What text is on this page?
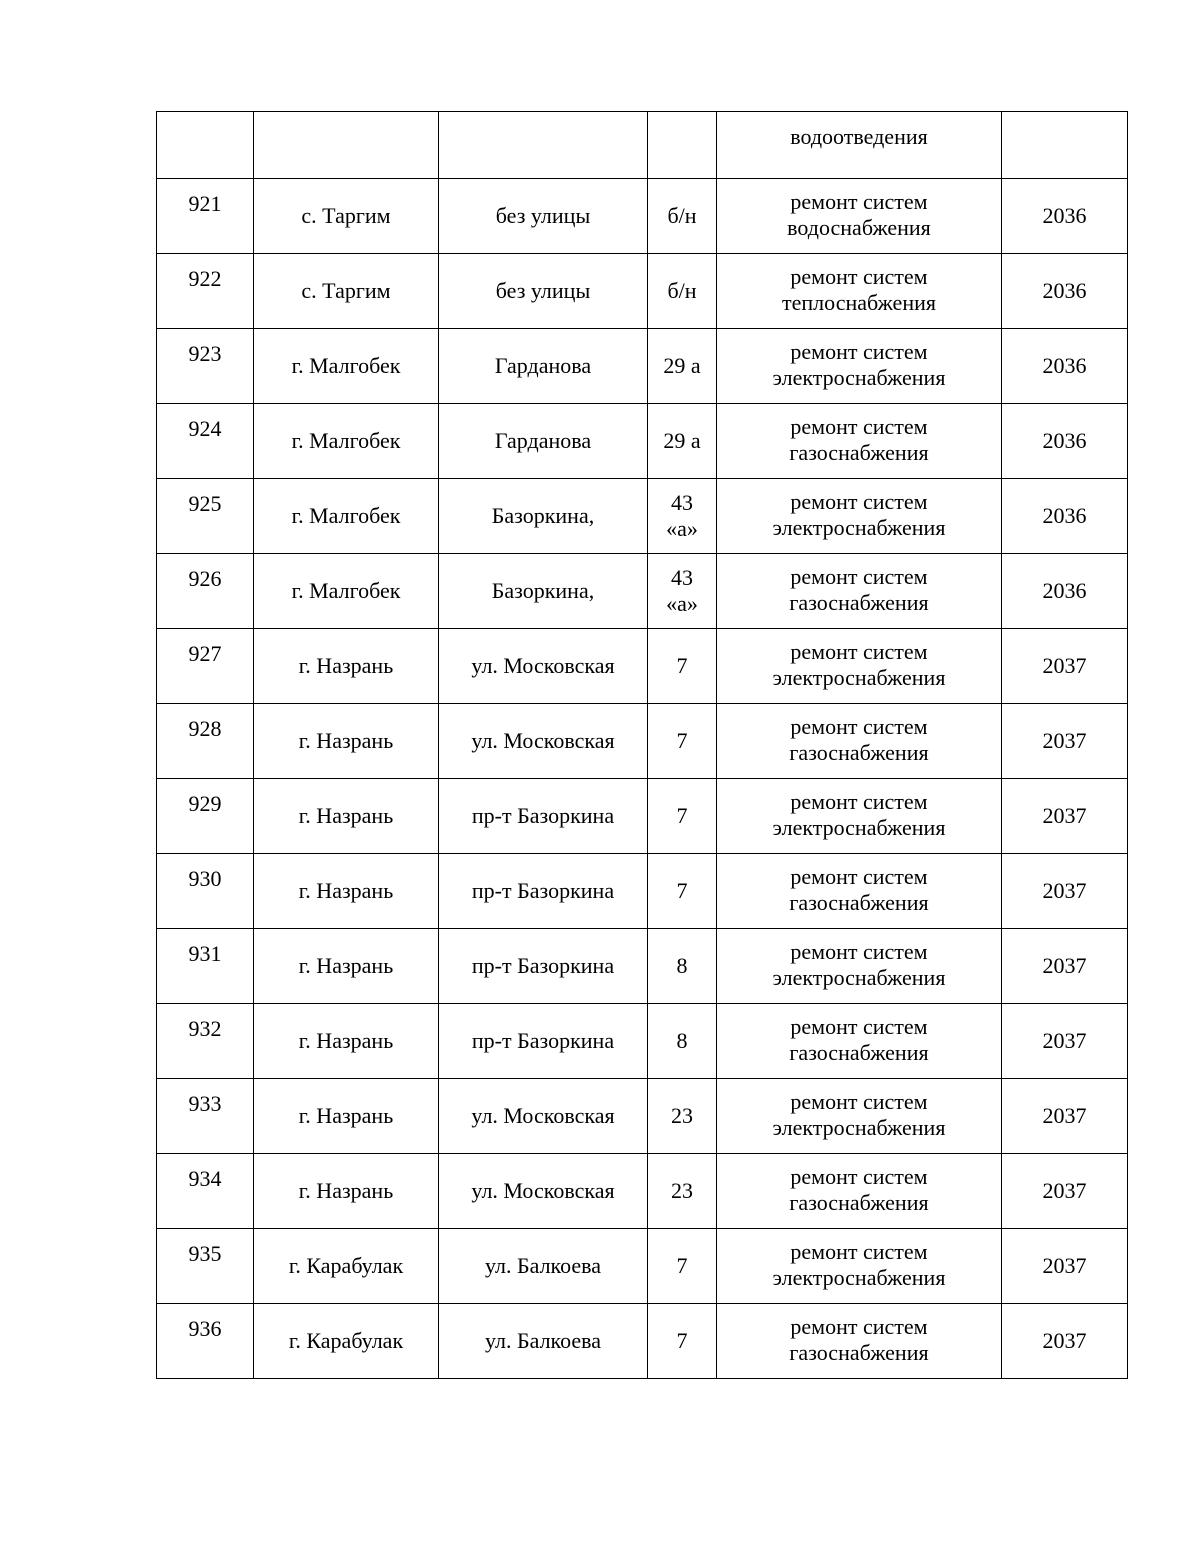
				водоотведения	

921	с. Таргим	без улицы	б/н	ремонт систем
водоснабжения	2036
922	с. Таргим	без улицы	б/н	ремонт систем
теплоснабжения	2036
923	г. Малгобек	Гарданова	29 а	ремонт систем
электроснабжения	2036
924	г. Малгобек	Гарданова	29 а	ремонт систем
газоснабжения	2036
925	г. Малгобек	Базоркина,	43 «а»	ремонт систем
электроснабжения	2036
926	г. Малгобек	Базоркина,	43 «а»	ремонт систем
газоснабжения	2036
927	г. Назрань	ул. Московская	7	ремонт систем
электроснабжения	2037
928	г. Назрань	ул. Московская	7	ремонт систем
газоснабжения	2037
929	г. Назрань	пр-т Базоркина	7	ремонт систем
электроснабжения	2037
930	г. Назрань	пр-т Базоркина	7	ремонт систем
газоснабжения	2037
931	г. Назрань	пр-т Базоркина	8	ремонт систем
электроснабжения	2037
932	г. Назрань	пр-т Базоркина	8	ремонт систем
газоснабжения	2037
933	г. Назрань	ул. Московская	23	ремонт систем
электроснабжения	2037
934	г. Назрань	ул. Московская	23	ремонт систем
газоснабжения	2037
935	г. Карабулак	ул. Балкоева	7	ремонт систем
электроснабжения	2037
936	г. Карабулак	ул. Балкоева	7	ремонт систем
газоснабжения	2037
